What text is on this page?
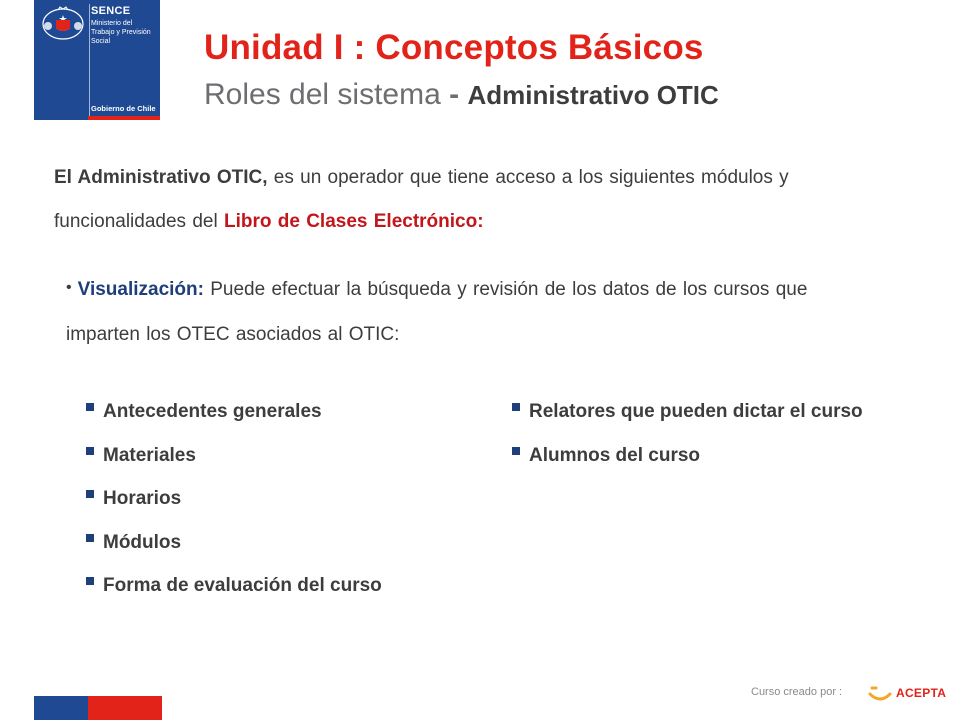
SENCE
Ministerio del Trabajo y Previsión Social
Gobierno de Chile
Unidad I : Conceptos Básicos
Roles del sistema - Administrativo OTIC
El Administrativo OTIC, es un operador que tiene acceso a los siguientes módulos y funcionalidades del Libro de Clases Electrónico:
• Visualización: Puede efectuar la búsqueda y revisión de los datos de los cursos que imparten los OTEC asociados al OTIC:
Antecedentes generales
Materiales
Horarios
Módulos
Forma de evaluación del curso
Relatores que pueden dictar el curso
Alumnos del curso
Curso creado por :	ACEPTA
